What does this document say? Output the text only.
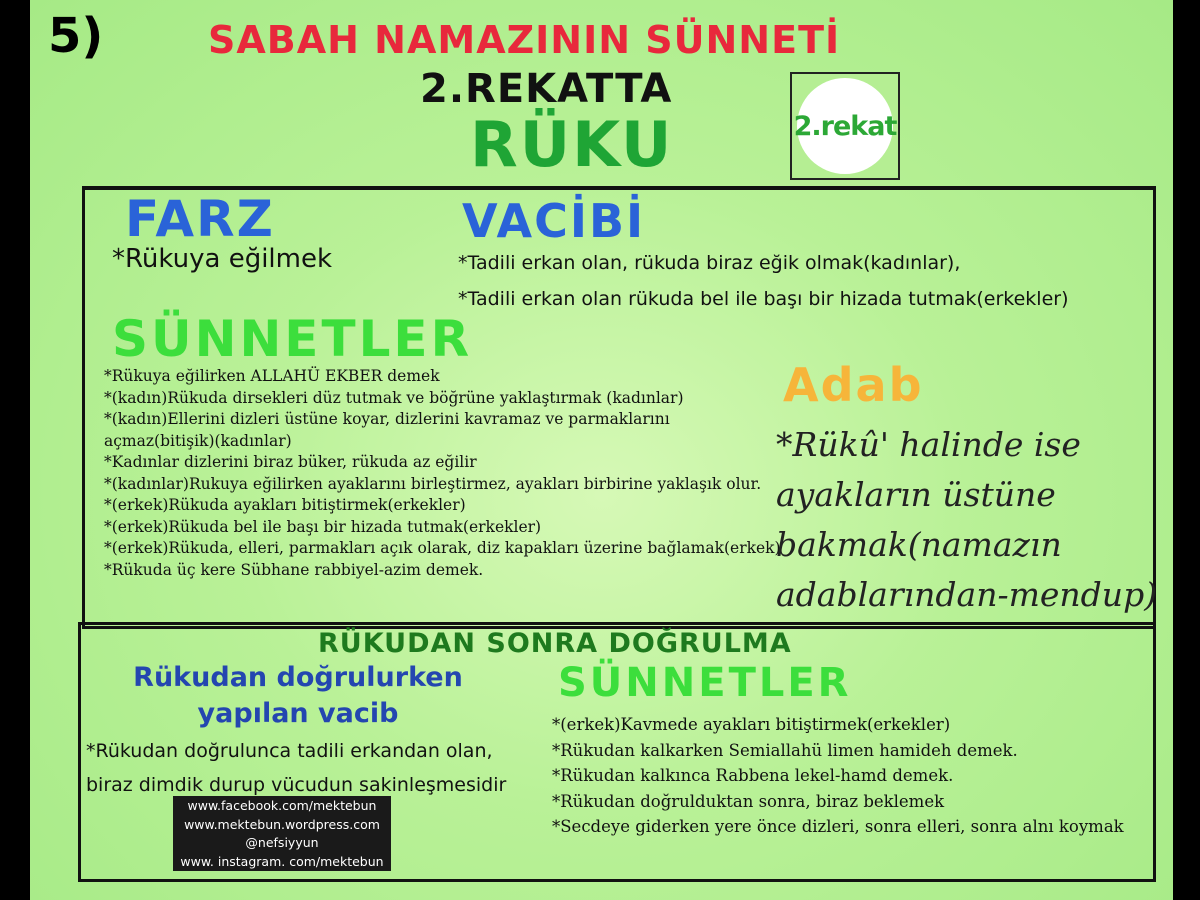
5)	SABAH NAMAZININ SÜNNETİ
2.REKATTA
RÜKU	2.rekat
FARZ
*Rükuya eğilmek
VACİBİ
*Tadili erkan olan, rükuda biraz eğik olmak(kadınlar),
*Tadili erkan olan rükuda bel ile başı bir hizada tutmak(erkekler)
SÜNNETLER
*Rükuya eğilirken ALLAHÜ EKBER demek
*(kadın)Rükuda dirsekleri düz tutmak ve böğrüne yaklaştırmak (kadınlar)
*(kadın)Ellerini dizleri üstüne koyar, dizlerini kavramaz ve parmaklarını açmaz(bitişik)(kadınlar)
*Kadınlar dizlerini biraz büker, rükuda az eğilir
*(kadınlar)Rukuya eğilirken ayaklarını birleştirmez, ayakları birbirine yaklaşık olur.
*(erkek)Rükuda ayakları bitiştirmek(erkekler)
*(erkek)Rükuda bel ile başı bir hizada tutmak(erkekler)
*(erkek)Rükuda, elleri, parmakları açık olarak, diz kapakları üzerine bağlamak(erkek)
*Rükuda üç kere Sübhane rabbiyel-azim demek.
Adab
*Rükû' halinde ise ayakların üstüne bakmak(namazın adablarından-mendup)
RÜKUDAN SONRA DOĞRULMA
Rükudan doğrulurken yapılan vacib
*Rükudan doğrulunca tadili erkandan olan, biraz dimdik durup vücudun sakinleşmesidir
SÜNNETLER
*(erkek)Kavmede ayakları bitiştirmek(erkekler)
*Rükudan kalkarken Semiallahü limen hamideh demek.
*Rükudan kalkınca Rabbena lekel-hamd demek.
*Rükudan doğrulduktan sonra, biraz beklemek
*Secdeye giderken yere önce dizleri, sonra elleri, sonra alnı koymak
www.facebook.com/mektebun
www.mektebun.wordpress.com
@nefsiyyun
www. instagram. com/mektebun
